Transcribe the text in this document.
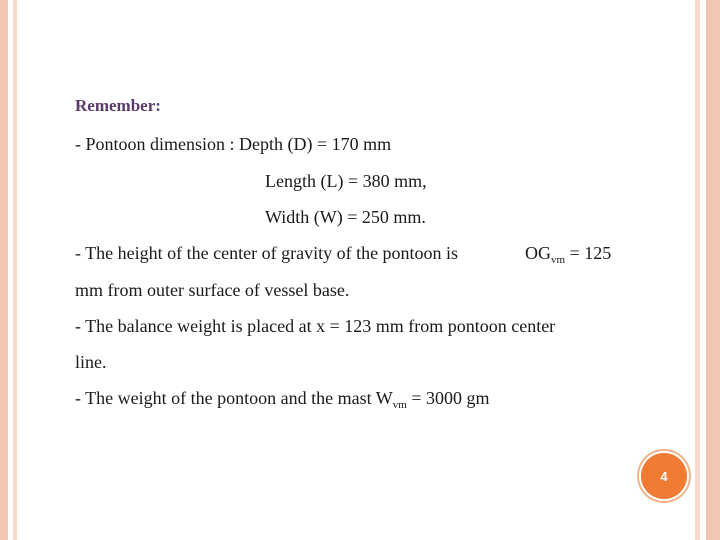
Remember:
- Pontoon dimension : Depth (D) = 170 mm
Length (L) = 380 mm,
Width (W) = 250 mm.
- The height of the center of gravity of the pontoon is	$OG_{vm} = 125$
mm from outer surface of vessel base.
- The balance weight is placed at x = 123 mm from pontoon center
line.
- The weight of the pontoon and the mast $W_{vm} = 3000$ gm
4
